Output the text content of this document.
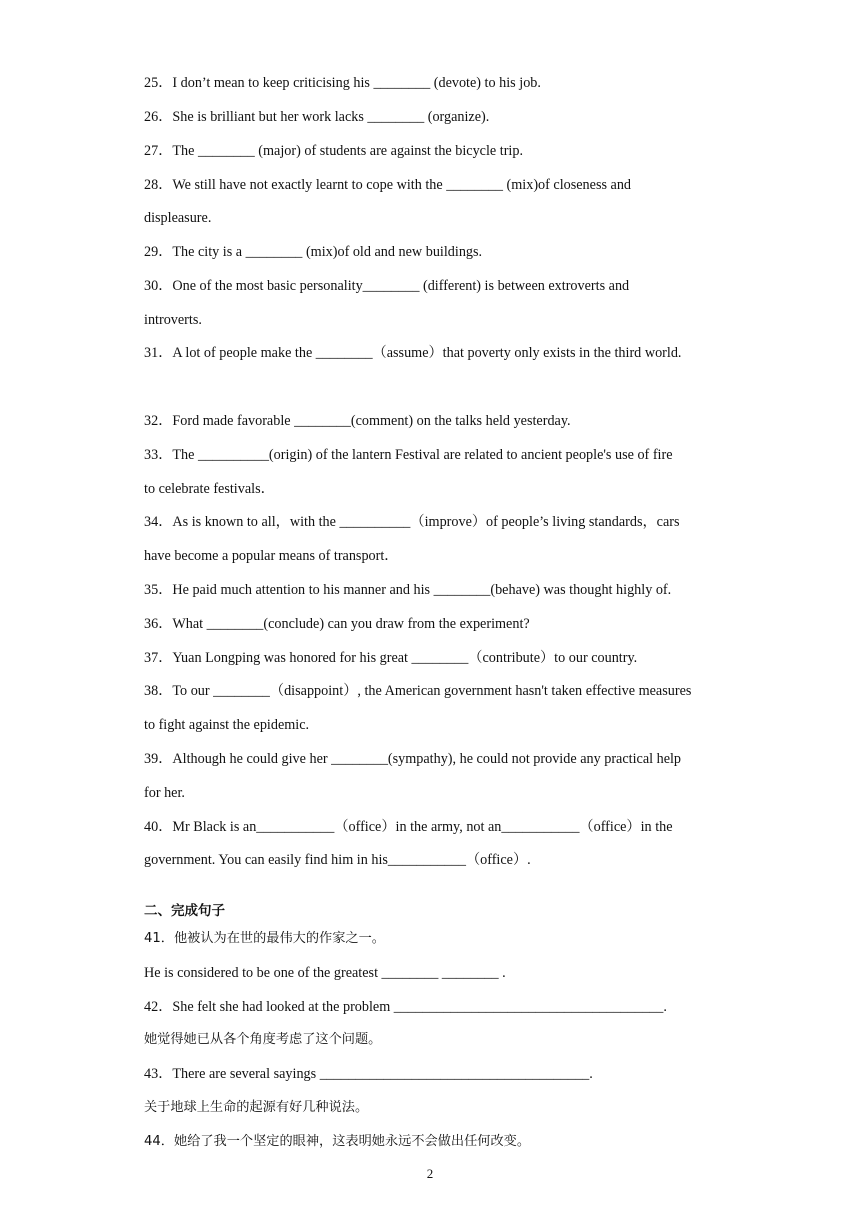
25．I don’t mean to keep criticising his ________ (devote) to his job.
26．She is brilliant but her work lacks ________ (organize).
27．The ________ (major) of students are against the bicycle trip.
28．We still have not exactly learnt to cope with the ________ (mix)of closeness and
displeasure.
29．The city is a ________ (mix)of old and new buildings.
30．One of the most basic personality________ (different) is between extroverts and
introverts.
31．A lot of people make the ________（assume）that poverty only exists in the third world.
32．Ford made favorable ________(comment) on the talks held yesterday.
33．The __________(origin) of the lantern Festival are related to ancient people's use of fire
to celebrate festivals．
34．As is known to all，with the __________（improve）of people’s living standards，cars
have become a popular means of transport．
35．He paid much attention to his manner and his ________(behave) was thought highly of.
36．What ________(conclude) can you draw from the experiment?
37．Yuan Longping was honored for his great ________（contribute）to our country.
38．To our ________（disappoint）, the American government hasn't taken effective measures
to fight against the epidemic.
39．Although he could give her ________(sympathy), he could not provide any practical help
for her.
40．Mr Black is an___________（office）in the army, not an___________（office）in the
government. You can easily find him in his___________（office）.
二、完成句子
41．他被认为在世的最伟大的作家之一。
He is considered to be one of the greatest ________ ________ .
42．She felt she had looked at the problem ______________________________________.
她觉得她已从各个角度考虑了这个问题。
43．There are several sayings ______________________________________.
关于地球上生命的起源有好几种说法。
44．她给了我一个坚定的眼神，这表明她永远不会做出任何改变。
2
